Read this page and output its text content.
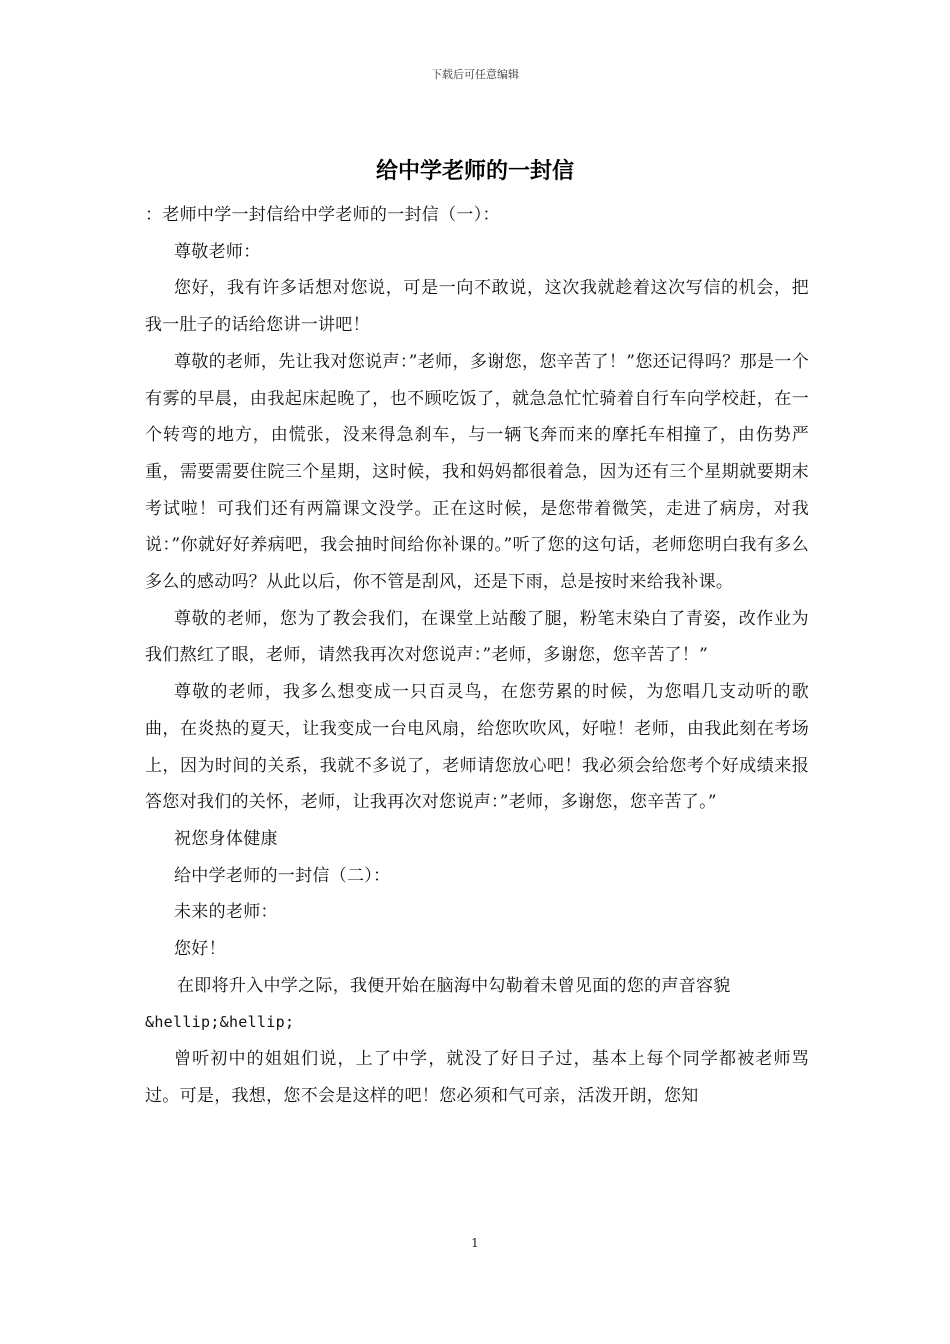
下载后可任意编辑
给中学老师的一封信

：老师中学一封信给中学老师的一封信（一）：

尊敬老师：

您好，我有许多话想对您说，可是一向不敢说，这次我就趁着这次写信的机会，把我一肚子的话给您讲一讲吧！

尊敬的老师，先让我对您说声：”老师，多谢您，您辛苦了！”您还记得吗？那是一个有雾的早晨，由我起床起晚了，也不顾吃饭了，就急急忙忙骑着自行车向学校赶，在一个转弯的地方，由慌张，没来得急刹车，与一辆飞奔而来的摩托车相撞了，由伤势严重，需要需要住院三个星期，这时候，我和妈妈都很着急，因为还有三个星期就要期末考试啦！可我们还有两篇课文没学。正在这时候，是您带着微笑，走进了病房，对我说：”你就好好养病吧，我会抽时间给你补课的。”听了您的这句话，老师您明白我有多么多么的感动吗？从此以后，你不管是刮风，还是下雨，总是按时来给我补课。

尊敬的老师，您为了教会我们，在课堂上站酸了腿，粉笔末染白了青姿，改作业为我们熬红了眼，老师，请然我再次对您说声：”老师，多谢您，您辛苦了！”

尊敬的老师，我多么想变成一只百灵鸟，在您劳累的时候，为您唱几支动听的歌曲，在炎热的夏天，让我变成一台电风扇，给您吹吹风，好啦！老师，由我此刻在考场上，因为时间的关系，我就不多说了，老师请您放心吧！我必须会给您考个好成绩来报答您对我们的关怀，老师，让我再次对您说声：”老师，多谢您，您辛苦了。”

祝您身体健康

给中学老师的一封信（二）：

未来的老师：

您好！

在即将升入中学之际，我便开始在脑海中勾勒着未曾见面的您的声音容貌

&hellip;&hellip;

曾听初中的姐姐们说，上了中学，就没了好日子过，基本上每个同学都被老师骂过。可是，我想，您不会是这样的吧！您必须和气可亲，活泼开朗，您知

1
